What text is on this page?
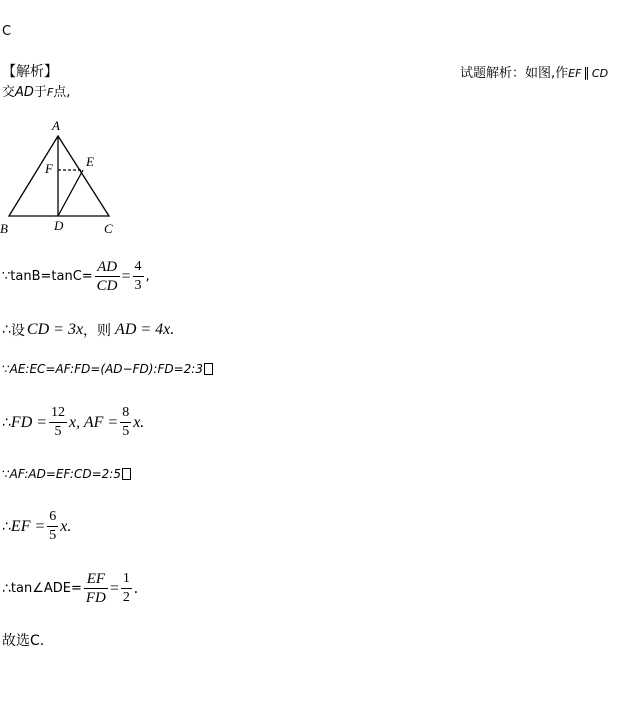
C
【解析】	试题解析：如图,作EF ∥ CD
交AD于F点,
A
B	C
D
E
F
∵ $\tan B=\tan C= \frac{AD}{CD} = \frac{4}{3}$ ,
∴ 设 CD = 3x ，则 AD = 4x.
∵ AE:EC=AF:FD=(AD−FD):FD=2:3
∴ FD = $\frac{12}{5} x$, AF = $\frac{8}{5} x$.
∵ AF:AD=EF:CD=2:5
∴ EF = $\frac{6}{5} x$.
∴ tan∠ADE= $\frac{EF}{FD} = \frac{1}{2}$ .
故选C.
